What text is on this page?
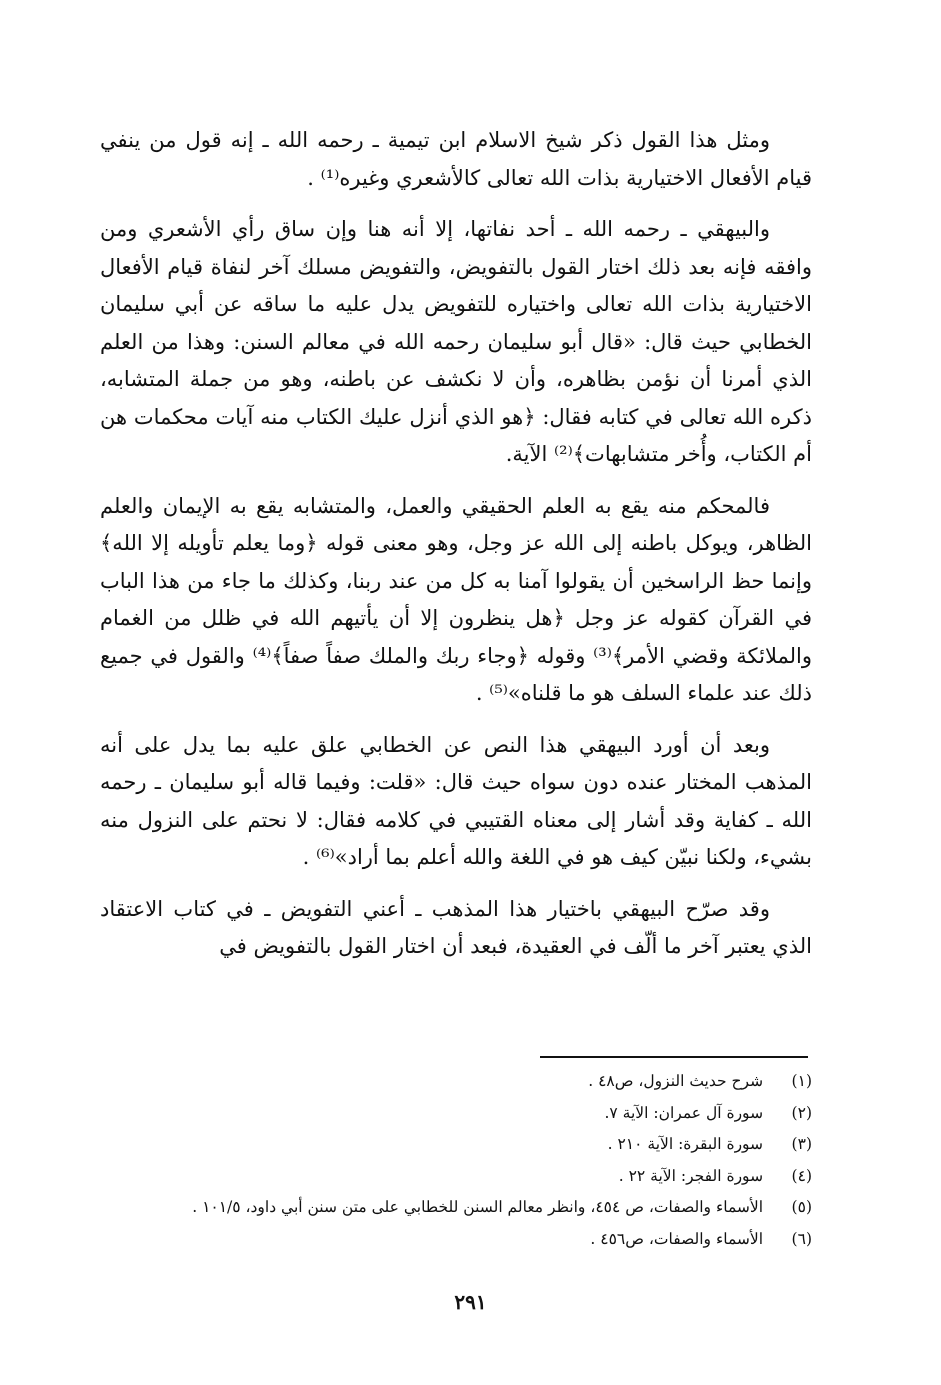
ومثل هذا القول ذكر شيخ الاسلام ابن تيمية ـ رحمه الله ـ إنه قول من ينفي قيام الأفعال الاختيارية بذات الله تعالى كالأشعري وغيره⁽¹⁾ .

والبيهقي ـ رحمه الله ـ أحد نفاتها، إلا أنه هنا وإن ساق رأي الأشعري ومن وافقه فإنه بعد ذلك اختار القول بالتفويض، والتفويض مسلك آخر لنفاة قيام الأفعال الاختيارية بذات الله تعالى واختياره للتفويض يدل عليه ما ساقه عن أبي سليمان الخطابي حيث قال: «قال أبو سليمان رحمه الله في معالم السنن: وهذا من العلم الذي أمرنا أن نؤمن بظاهره، وأن لا نكشف عن باطنه، وهو من جملة المتشابه، ذكره الله تعالى في كتابه فقال: ﴿هو الذي أنزل عليك الكتاب منه آيات محكمات هن أم الكتاب، وأُخر متشابهات﴾⁽²⁾ الآية.

فالمحكم منه يقع به العلم الحقيقي والعمل، والمتشابه يقع به الإيمان والعلم الظاهر، ويوكل باطنه إلى الله عز وجل، وهو معنى قوله ﴿وما يعلم تأويله إلا الله﴾ وإنما حظ الراسخين أن يقولوا آمنا به كل من عند ربنا، وكذلك ما جاء من هذا الباب في القرآن كقوله عز وجل ﴿هل ينظرون إلا أن يأتيهم الله في ظلل من الغمام والملائكة وقضي الأمر﴾⁽³⁾ وقوله ﴿وجاء ربك والملك صفاً صفاً﴾⁽⁴⁾ والقول في جميع ذلك عند علماء السلف هو ما قلناه»⁽⁵⁾ .

وبعد أن أورد البيهقي هذا النص عن الخطابي علق عليه بما يدل على أنه المذهب المختار عنده دون سواه حيث قال: «قلت: وفيما قاله أبو سليمان ـ رحمه الله ـ كفاية وقد أشار إلى معناه القتيبي في كلامه فقال: لا نحتم على النزول منه بشيء، ولكنا نبيّن كيف هو في اللغة والله أعلم بما أراد»⁽⁶⁾ .

وقد صرّح البيهقي باختيار هذا المذهب ـ أعني التفويض ـ في كتاب الاعتقاد الذي يعتبر آخر ما ألّف في العقيدة، فبعد أن اختار القول بالتفويض في

(١) شرح حديث النزول، ص٤٨ .
(٢) سورة آل عمران: الآية ٧.
(٣) سورة البقرة: الآية ٢١٠ .
(٤) سورة الفجر: الآية ٢٢ .
(٥) الأسماء والصفات، ص ٤٥٤، وانظر معالم السنن للخطابي على متن سنن أبي داود، ١٠١/٥ .
(٦) الأسماء والصفات، ص٤٥٦ .
٢٩١
